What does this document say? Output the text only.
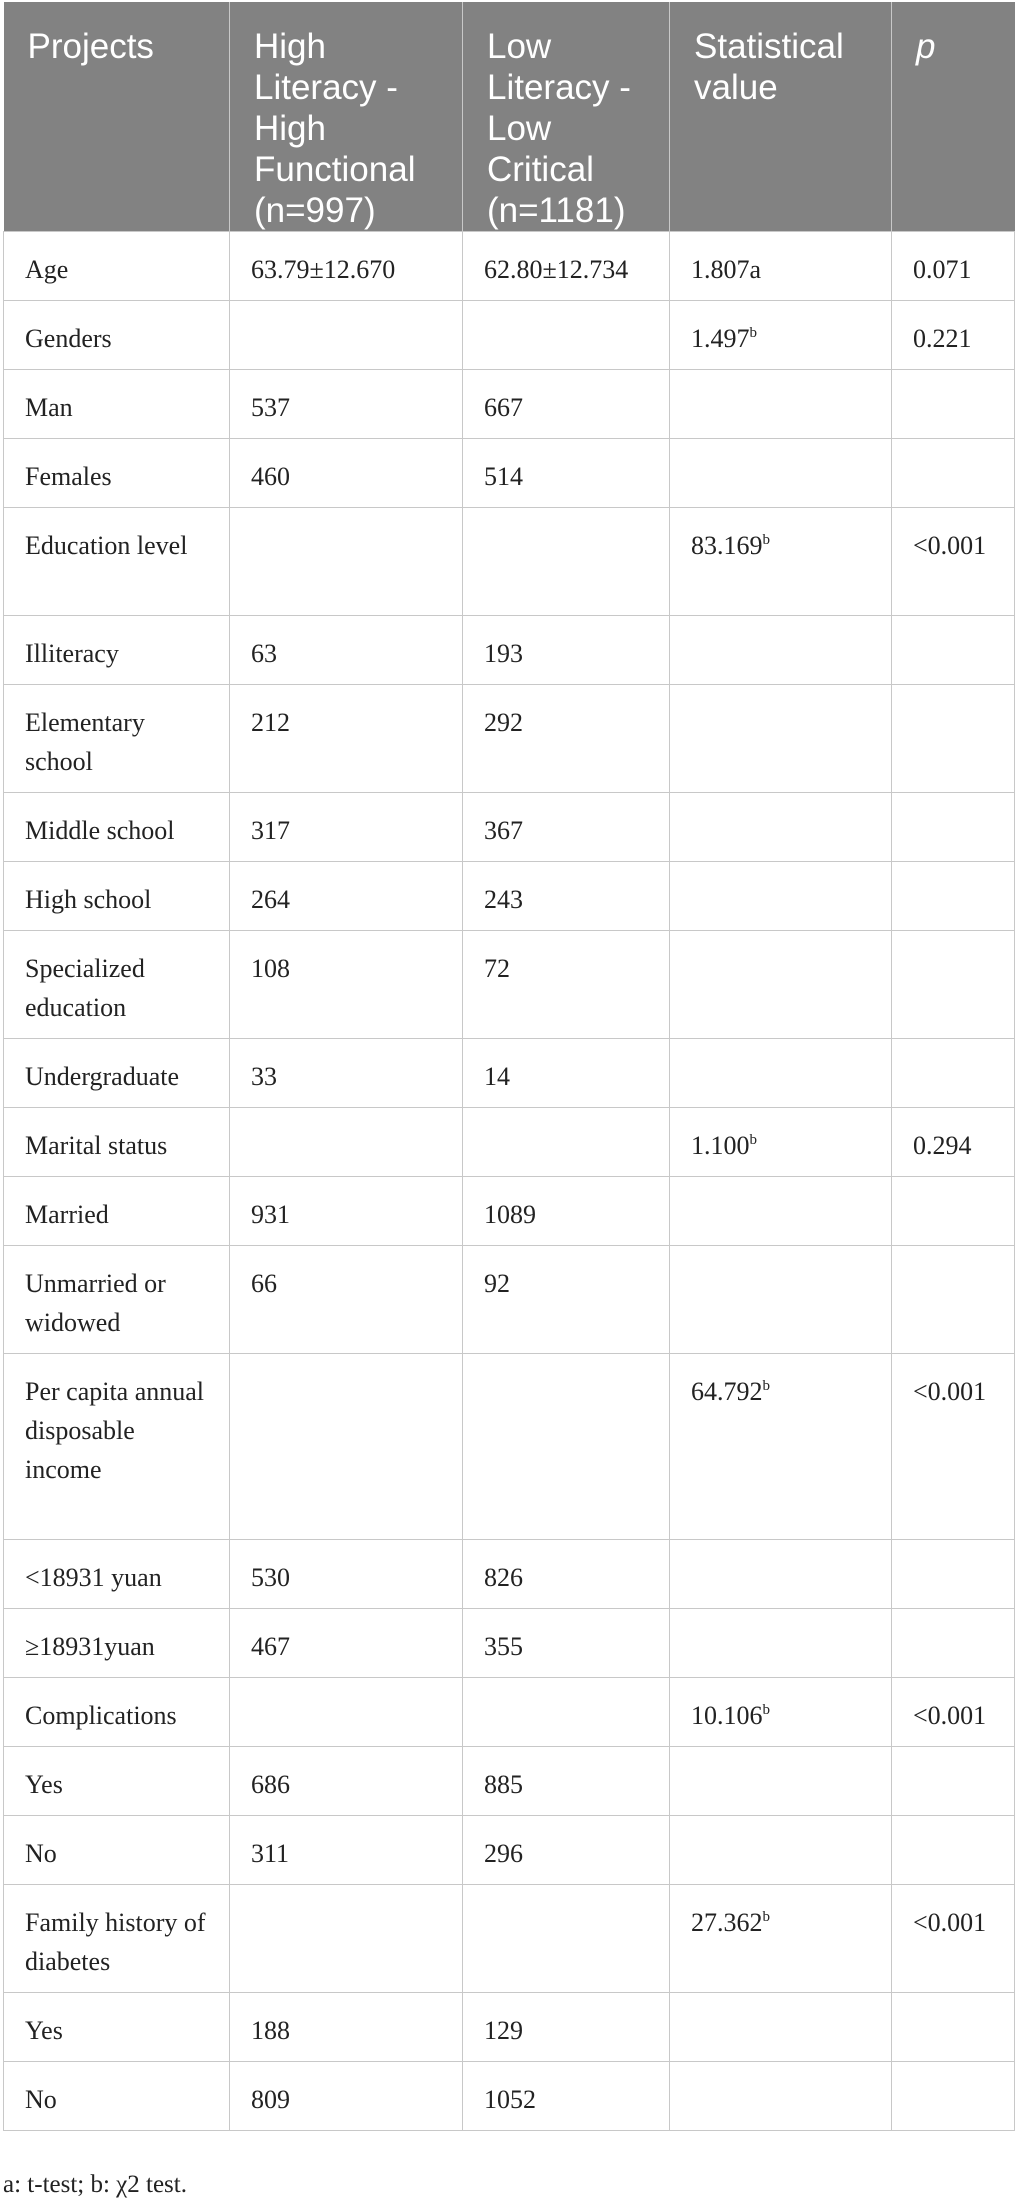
Projects	High Literacy - High Functional (n=997)	Low Literacy - Low Critical (n=1181)	Statistical value	p
Age	63.79±12.670	62.80±12.734	1.807a	0.071
Genders			1.497$^b$	0.221
Man	537	667		
Females	460	514		
Education level			83.169$^b$	<0.001
Illiteracy	63	193		
Elementary school	212	292		
Middle school	317	367		
High school	264	243		
Specialized education	108	72		
Undergraduate	33	14		
Marital status			1.100$^b$	0.294
Married	931	1089		
Unmarried or widowed	66	92		
Per capita annual disposable income			64.792$^b$	<0.001
<18931 yuan	530	826		
≥18931yuan	467	355		
Complications			10.106$^b$	<0.001
Yes	686	885		
No	311	296		
Family history of diabetes			27.362$^b$	<0.001
Yes	188	129		
No	809	1052		
a: t-test; b: χ2 test.
